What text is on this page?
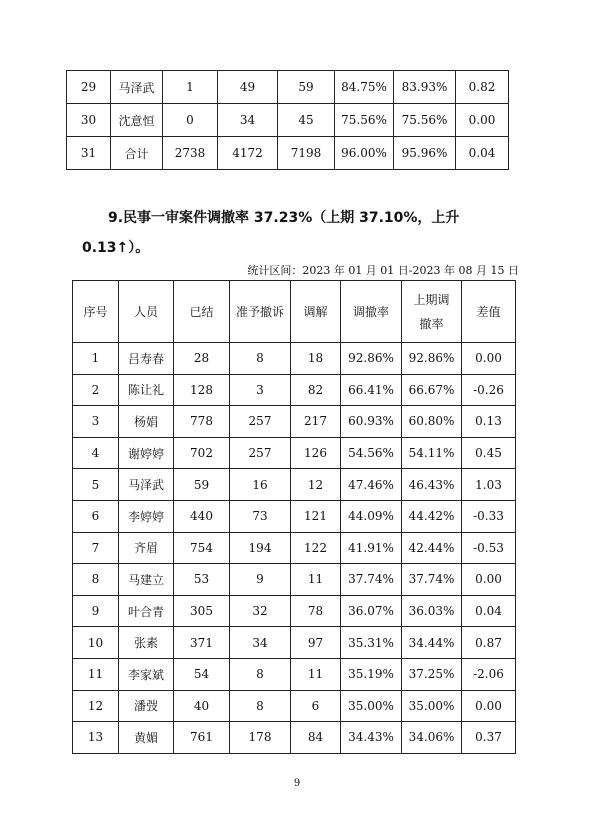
29	马泽武	1	49	59	84.75%	83.93%	0.82
30	沈意恒	0	34	45	75.56%	75.56%	0.00
31	合计	2738	4172	7198	96.00%	95.96%	0.04

9.民事一审案件调撤率 37.23%（上期 37.10%，上升 0.13↑）。

统计区间：2023 年 01 月 01 日-2023 年 08 月 15 日
序号	人员	已结	准予撤诉	调解	调撤率	上期调撤率	差值
1	吕寿春	28	8	18	92.86%	92.86%	0.00
2	陈让礼	128	3	82	66.41%	66.67%	-0.26
3	杨娟	778	257	217	60.93%	60.80%	0.13
4	谢婷婷	702	257	126	54.56%	54.11%	0.45
5	马泽武	59	16	12	47.46%	46.43%	1.03
6	李婷婷	440	73	121	44.09%	44.42%	-0.33
7	齐眉	754	194	122	41.91%	42.44%	-0.53
8	马建立	53	9	11	37.74%	37.74%	0.00
9	叶合青	305	32	78	36.07%	36.03%	0.04
10	张素	371	34	97	35.31%	34.44%	0.87
11	李家斌	54	8	11	35.19%	37.25%	-2.06
12	潘弢	40	8	6	35.00%	35.00%	0.00
13	黄媚	761	178	84	34.43%	34.06%	0.37
9
